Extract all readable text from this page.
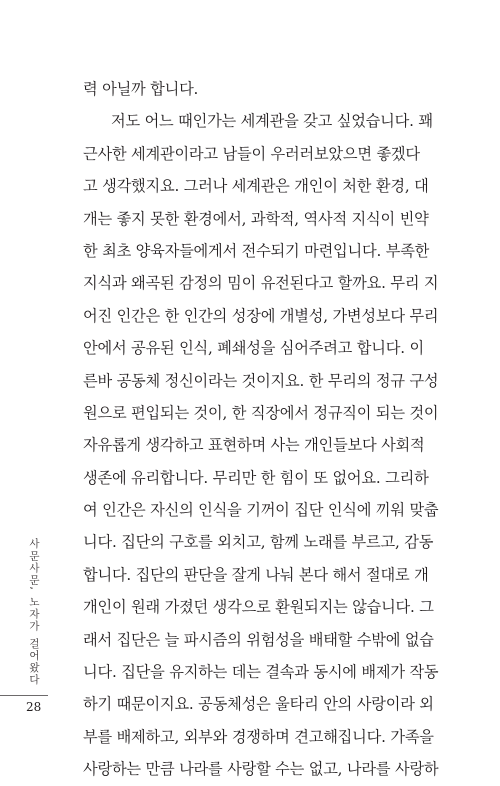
력 아닐까 합니다.
저도 어느 때인가는 세계관을 갖고 싶었습니다. 꽤
근사한 세계관이라고 남들이 우러러보았으면 좋겠다
고 생각했지요. 그러나 세계관은 개인이 처한 환경, 대
개는 좋지 못한 환경에서, 과학적, 역사적 지식이 빈약
한 최초 양육자들에게서 전수되기 마련입니다. 부족한
지식과 왜곡된 감정의 밈이 유전된다고 할까요. 무리 지
어진 인간은 한 인간의 성장에 개별성, 가변성보다 무리
안에서 공유된 인식, 폐쇄성을 심어주려고 합니다. 이
른바 공동체 정신이라는 것이지요. 한 무리의 정규 구성
원으로 편입되는 것이, 한 직장에서 정규직이 되는 것이
자유롭게 생각하고 표현하며 사는 개인들보다 사회적
생존에 유리합니다. 무리만 한 힘이 또 없어요. 그리하
여 인간은 자신의 인식을 기꺼이 집단 인식에 끼워 맞춥
니다. 집단의 구호를 외치고, 함께 노래를 부르고, 감동
합니다. 집단의 판단을 잘게 나눠 본다 해서 절대로 개
개인이 원래 가졌던 생각으로 환원되지는 않습니다. 그
래서 집단은 늘 파시즘의 위험성을 배태할 수밖에 없습
니다. 집단을 유지하는 데는 결속과 동시에 배제가 작동
하기 때문이지요. 공동체성은 울타리 안의 사랑이라 외
부를 배제하고, 외부와 경쟁하며 견고해집니다. 가족을
사랑하는 만큼 나라를 사랑할 수는 없고, 나라를 사랑하
사문사문, 노자가 걸어왔다
28
